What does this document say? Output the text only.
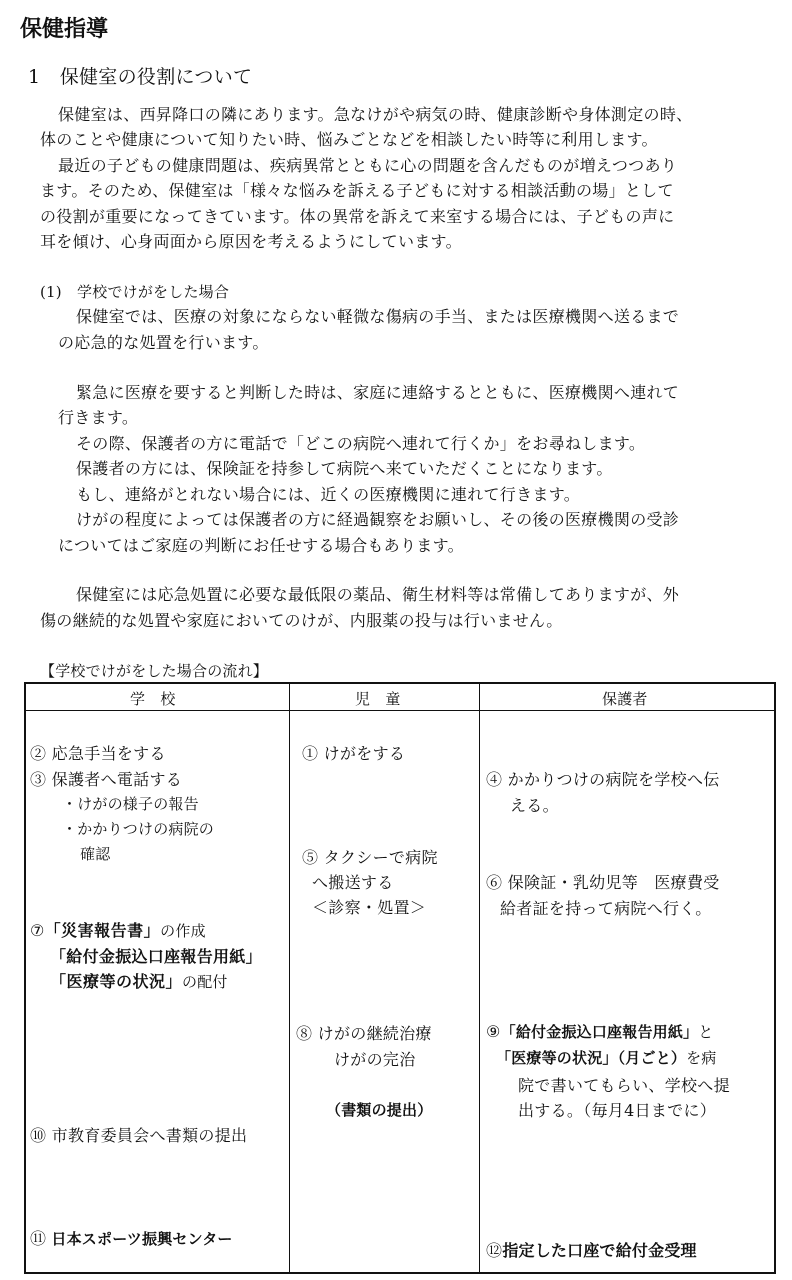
保健指導
1　保健室の役割について
保健室は、西昇降口の隣にあります。急なけがや病気の時、健康診断や身体測定の時、
体のことや健康について知りたい時、悩みごとなどを相談したい時等に利用します。
最近の子どもの健康問題は、疾病異常とともに心の問題を含んだものが増えつつあり
ます。そのため、保健室は「様々な悩みを訴える子どもに対する相談活動の場」として
の役割が重要になってきています。体の異常を訴えて来室する場合には、子どもの声に
耳を傾け、心身両面から原因を考えるようにしています。
(1)　学校でけがをした場合
保健室では、医療の対象にならない軽微な傷病の手当、または医療機関へ送るまで
の応急的な処置を行います。
緊急に医療を要すると判断した時は、家庭に連絡するとともに、医療機関へ連れて
行きます。
その際、保護者の方に電話で「どこの病院へ連れて行くか」をお尋ねします。
保護者の方には、保険証を持参して病院へ来ていただくことになります。
もし、連絡がとれない場合には、近くの医療機関に連れて行きます。
けがの程度によっては保護者の方に経過観察をお願いし、その後の医療機関の受診
についてはご家庭の判断にお任せする場合もあります。
保健室には応急処置に必要な最低限の薬品、衛生材料等は常備してありますが、外
傷の継続的な処置や家庭においてのけが、内服薬の投与は行いません。
【学校でけがをした場合の流れ】
学　校	児　童	保護者
② 応急手当をする
③ 保護者へ電話する
・けがの様子の報告
・かかりつけの病院の
確認
⑦「災害報告書」の作成
「給付金振込口座報告用紙」
「医療等の状況」の配付
⑩ 市教育委員会へ書類の提出
⑪ 日本スポーツ振興センター
① けがをする
⑤ タクシーで病院
へ搬送する
＜診察・処置＞
⑧ けがの継続治療
けがの完治
（書類の提出）
④ かかりつけの病院を学校へ伝
える。
⑥ 保険証・乳幼児等　医療費受
給者証を持って病院へ行く。
⑨「給付金振込口座報告用紙」と
「医療等の状況」（月ごと）を病
院で書いてもらい、学校へ提
出する。（毎月4日までに）
⑫指定した口座で給付金受理
